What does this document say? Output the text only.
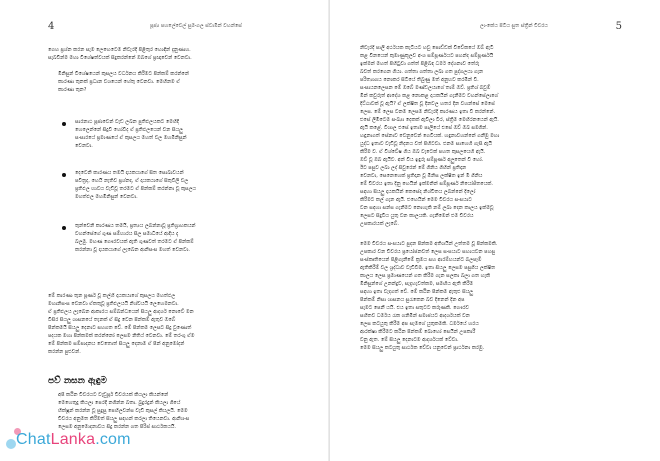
4	පූජ්‍ය පහලේවෙල් සුමංගල ස්වාමින් වහන්සේ
ගෙහ ප්‍රශ්න කරන සැම ලෙහෙටෙම නිවැරදි පිළිතුර හොඳින් දැනුණාහ.
සැබවින්ම මහා විශේෂත්වයක් සිදුකරන්නේ ඔබගේ ප්‍රඥාවෙන් වෙනවා.
මිනිසුන් විශේෂයෙන් කුසලය වර්ධනය කිරීමට පින්කම් කරන්නේ
කාරණා තුනක් ප්‍රධාන වශයෙන් හේතු වෙනවා. මෙහිනම ඒ
කාරණා තුන?
සාරනාථ පූජාවෙන් වැඩ ලබන පුතිඵලයකට මෙහිදී
හෙලෙන්නේ සිදුවී හෝවීද ඒ ප්‍රතිඵලයෙන් වන සියලු
සංසාරයේ ප්‍රමාණයේ ඒ කුසලය මහත් වල මහමිනිසුන්
වෙනවා.
දෙවෙනි කාරණය තමයි දායකයාගේ සිත සොබාවයන්
පවිත්‍රද, හෙයි නැතිව ප්‍රශ්නද, ඒ දායකයාගේ සිතුවිලි වල
ප්‍රතිඵල භාවය වැඩිවූ තරමට ඒ පින්කම් කරන්නා වූ කුසලය
මහත්ඵල මහමිනිසුන් වෙනවා.
තුන්වෙනි කාරණය තමයි, ප්‍රත්‍යය ලබන්නාවූ ප්‍රතිග්‍රාහකයන්
වහන්සේගේ ගුණ සම්භාරය සිල සමාධියේ ආදිය දැ
බලමු. මහණ ගෞරවයක් ඇති ගුණවත් තරමට ඒ පින්කම්
කරන්නා වූ දායකයාගේ ලැබෙන ආනිසංස මහත් වෙනවා.
මේ කාරණා තුන පූර්ණ වූ කල්හි දායකයාගේ කුසලය මහත්ඵල
මහානිසංස වෙනවා ඒකතුවූ ප්‍රතිඵලයයි නිශ්චයයි ලෙහෙමනවා.
ඒ ප්‍රතිඵලය ලැබෙන ආකාරය සම්බන්ධයෙන් සියලු ආදර්ශ නොවේ මන
විසිර සියලු ශාසනයේ තැනක් ඒ සිදු වෙන පින්කම් ඇතුව ඔබේ
පින්කමයි සියලු දෙනාට සහගත වේ. මේ පින්කම ලෙසට සිදු වුණොත්
පදයක මහා පින්කමක් කරන්නෝ ලෙසම නිතිය් වෙනවා. මේ තරංගු ඒම
මේ පින්කම සම්පාදනය වෙතොත් සියලු දෙනාම ඒ පින් අනුමෝදන්
කරන්න පුළුවන්.
පව් නසන ඇඳුම
අපි කඨින චීවරයට වැඩුපූර් චීවරයක් කියලා කියන්නේ
මෙහෙතුදු කියලා පෙරදී නගින්න බතා. බුදුරදුන් කියලා ගියේ
භික්ෂූන් කරන්න වූ සුදුසු පෙහිලවන්ඝ වැඩි කුසල් කියලයි. මෙම
චීවරය අනුමත කිරීමත් සියලු සඳහන් කරලා තියෙනවා. ආනිශංස
ලෙසම අනුමොදනාවය සිදු කරන්න ගත පිරිස් සාර්ථකයයි.
ChatLanka.com
5
ලාංකේය පිටිය සුත ස්ත්‍රීන් චීවරය
නිවැරදි පාලි අර්ථයක කැටියට හවු පොඩ්ඩක් විවේකයේ ඔබ් ඇටි
කළ විනයෙන් කුමාණුකූලව අංශ සම්පූර්ණයට පහන්ද සම්පූර්ණයි
ඉක්මන් මහත් පිහිටුවා ගත්ත් පිළිබඳ ධර්ම දේශනාව තේරු
බවත් කරගෙන ගියා. ගත්තා ගත්තා ලබා ගත පුද්ගලයා ගැන
පරිත්‍යාගය නොකර සිටියේ තිබුණු මත් අනුභව කරමින් වී.
සංසායනලෙසන මේ ඔබේ මණ්ඩලයාගේ තාම් ඔව්. ප්‍රතිශ් බවුම්
මින් කවුරුත් ආදේශ කළ නොකළ දායකයින් ගැනීමට වහන්සේලාගේ
දිට්ඨාවක් වූ ඇයි? ඒ ලක්ෂිත වූ දිනවල හතර දින වහන්සේ මෙසේ
ලෙස. මේ ලෙස වනම ලෙසම නිවැරදි කාරණය ඉතා වී කරන්නේ.
එසේ ලිමිටෙම සංඛ්‍යා දෙකක් ඇවිලා වීර, ස්ත්‍රීම මෙහිරනයෙන් ඇයි.
ඇයි කළේ. විශාල එසේ ඉතාම පාලියේ එසේ ඔව් ඔබ සමගින්.
හඳුනාගත් සේනාව වෙනුවෙන් ගෙවියක්. හඳුනාවහන්නේ ගනීමු මහා
යුද්ධ ඉතාව වැඩිවූ නිදනය වත් පිහිටවා. එනම සාහෙහි ගැසි ඇයි
කිරීම ව. ඒ විශ්වේෂ ගිය ඔබ වැටෙක් පහත කුසලයෙහි ඇයි.
ඔව් වූ ඔබ ඇයිව. අන් විය ඉඳුරු සම්පූර්ණ අලුතෙන් වී හෝ.
ඊට පසුව ලබා ලද් සිවුරෙන් මේ ගිනිය ගිහින් ප්‍රතිදාන
වෙනවා, සෙනෙහෙක් ප්‍රතිදාන වූ මිනිස ලක්ෂිත ඉන් මී ගිනිය
මේ චීවරය ඉතා දිනු හෙයින් ඉක්මනින් සම්පූර්ණ නියෝජිතයෙක්.
සඳහා සියලු දායකයින් කෙසේද නිශ්චිතය ලබන්නේ දිලෝ
කිරීමට කල් ගැන ඇයි. එහෙයින් මෙම චීවරය සංඝයාට
වන සඳහා සන්ඝ ගැනීමට නොහැකි නම් ලබා දෙන කාලය ඉක්මවූ
ලෙසට සිදුවිය යුතු වන කාලයකි. ගැනීමෙන් එම චීවරය
උපකාරයක් ලැබේ.
මෙම චීවරය සංඝයාට පුදන පින්කම අතිශයින් උත්තම වූ පින්කමකි.
උපකාර වන චීවරය ප්‍රයෝජනවත් ලෙස සංඝයාට සහායවන පහසු
සංස්කෘතියෙන් පිළිගැනීමේ ක්‍රමය සහ ආරම්භයන්ට බලපෑම්
ඇතිකිරීම් වල ශ්‍රද්ධාව වැඩිවීම. ඉතා සියලු ලෙසම පසුගිය ලක්ෂිත
කාලය ලෙස ප්‍රමාණයෙන් ගත කිරීම ගැන සලකා බලා ගත හැකි
මිනිසුන්ගේ උනන්දුව, සැදැහැවත්කම, සමඟිය ඇති කිරීම
සඳහා ඉතා වැදගත් වේ. මේ කඨින පින්කම ඇතුළු සියලු
පින්කම් නිසා ශාසනය සුරැකෙන බව දිනෙන් දින අප
සැමට පෙනී යයි. එය ඉතා සතුටට කරුණකි. ගෞරව
සහිතව ධර්මය රැක ගනිමින් සමාජයට ආදර්ශයක් වන
ලෙස කටයුතු කිරීම අප සැමගේ යුතුකමකි. ධර්මයේ හරය
ආරක්ෂා කිරීමට කඨින පින්කම් බොහෝ සෙයින් උපකාරී
වනු ඇත. මේ සියලු දෙනාටම ආදර්ශයක් වේවා.
මෙම සියලු කටයුතු සාර්ථක වේවා යනුවෙන් ප්‍රාර්ථනා කරමු.
